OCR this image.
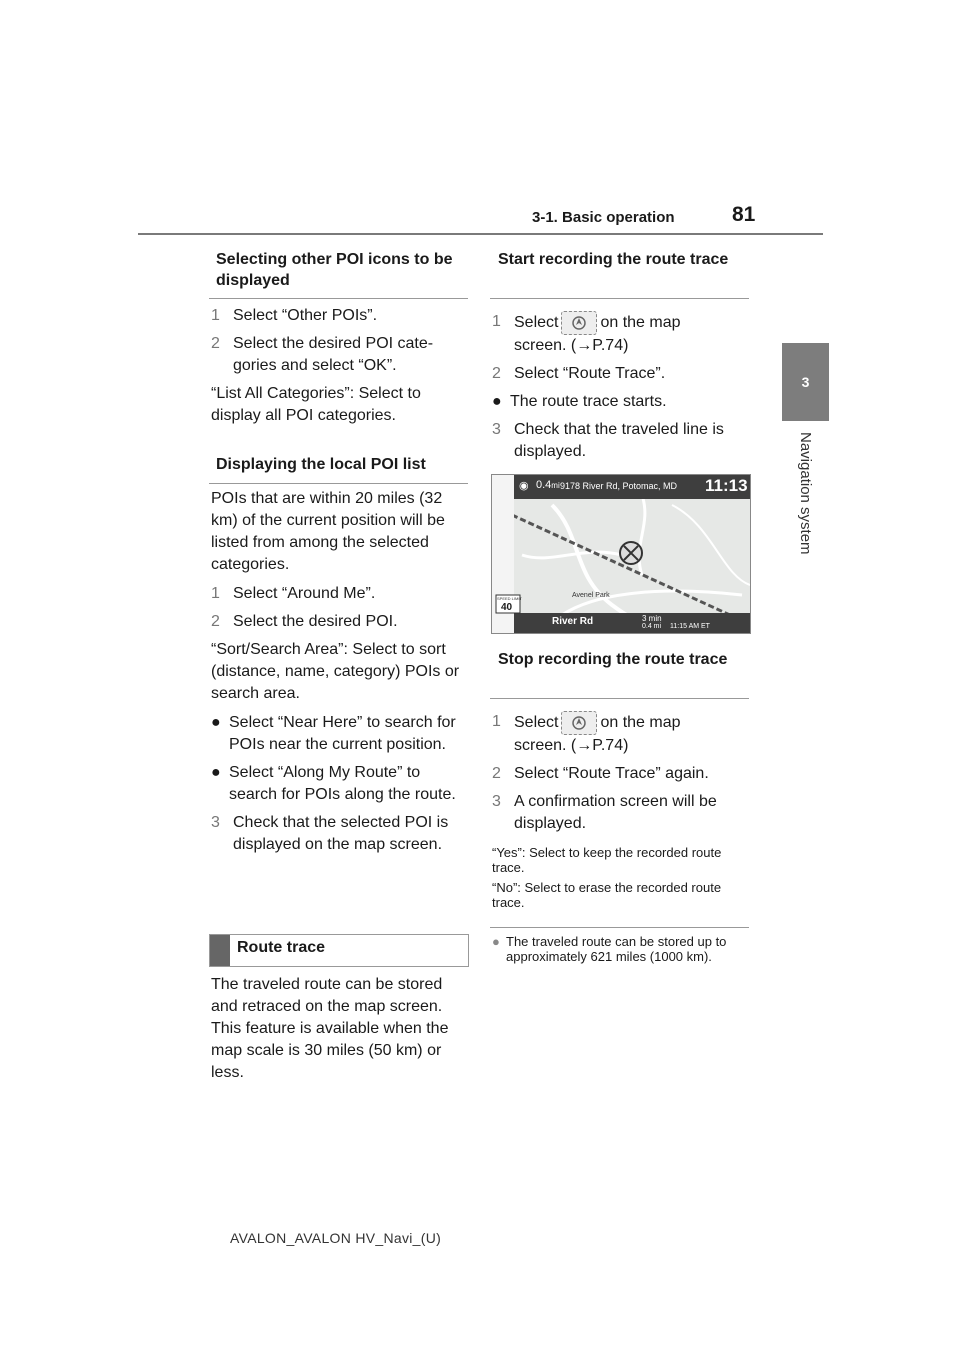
3-1. Basic operation	81
3
Navigation system
Selecting other POI icons to be displayed
1 Select “Other POIs”.
2 Select the desired POI cate- gories and select “OK”.

“List All Categories”: Select to display all POI categories.

Displaying the local POI list

POIs that are within 20 miles (32 km) of the current position will be listed from among the selected categories.

1 Select “Around Me”.
2 Select the desired POI.

“Sort/Search Area”: Select to sort (distance, name, category) POIs or search area.

● Select “Near Here” to search for POIs near the current position.
● Select “Along My Route” to search for POIs along the route.
3 Check that the selected POI is displayed on the map screen.
Route trace

The traveled route can be stored and retraced on the map screen. This feature is available when the map scale is 30 miles (50 km) or less.

Start recording the route trace
1 Select	on the map
screen. (→P.74)
2 Select “Route Trace”.
● The route trace starts.
3 Check that the traveled line is displayed.
◉ 0.4mi 9178 River Rd, Potomac, MD 11:13
River Rd	3 min
0.4 mi 11:15 AM ET
SPEED LIMIT
40
Avenel Park
Stop recording the route trace
1 Select	on the map
screen. (→P.74)
2 Select “Route Trace” again.
3 A confirmation screen will be displayed.

“Yes”: Select to keep the recorded route trace.

“No”: Select to erase the recorded route trace.

● The traveled route can be stored up to approximately 621 miles (1000 km).
AVALON_AVALON HV_Navi_(U)
